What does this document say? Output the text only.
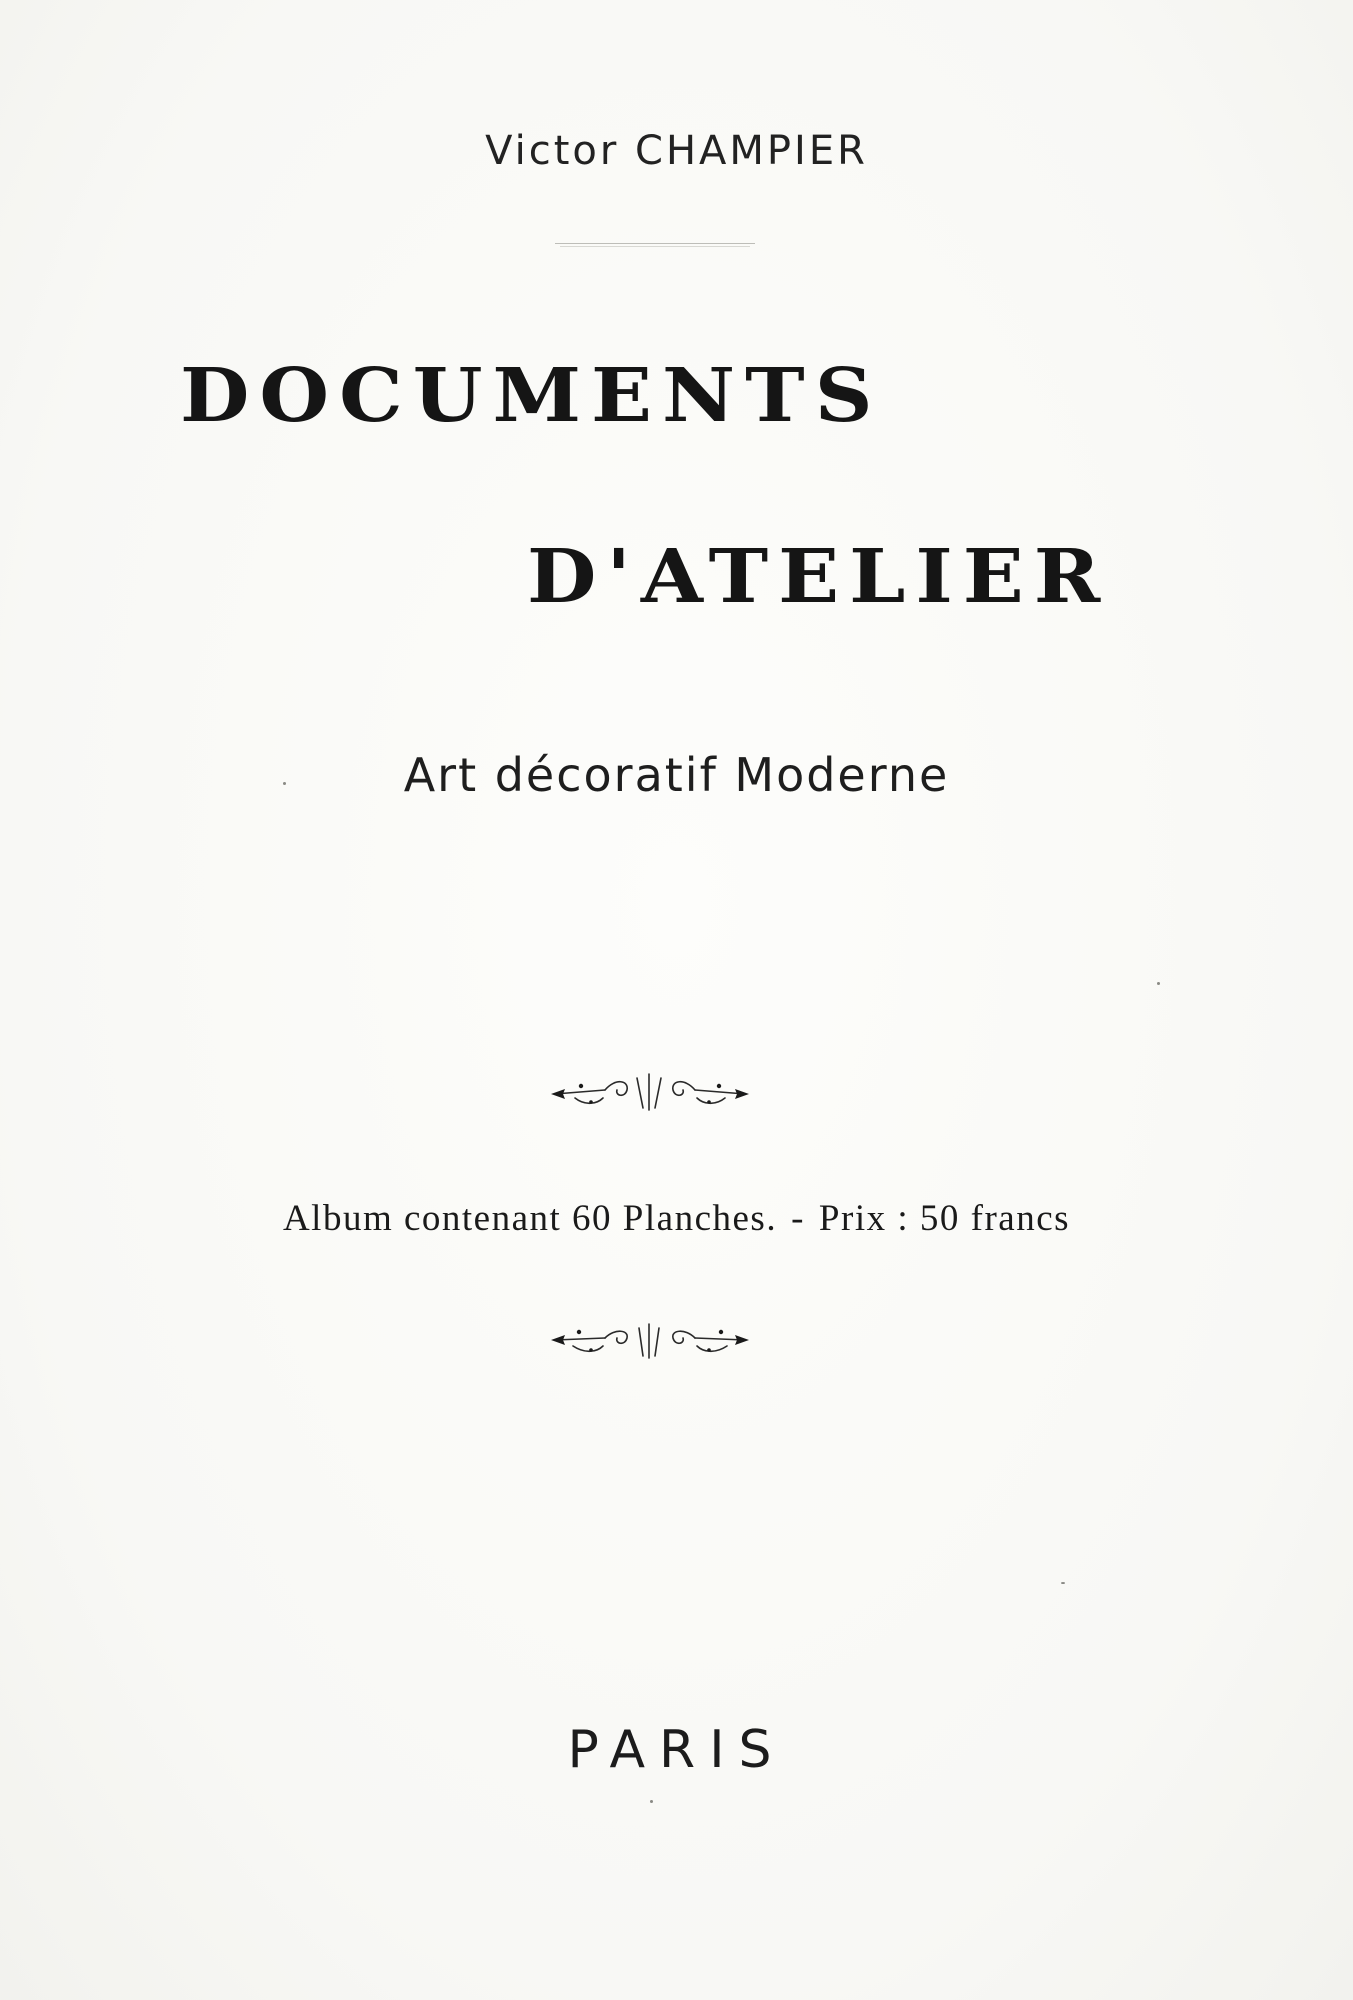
Victor CHAMPIER
DOCUMENTS
D'ATELIER
Art décoratif Moderne
Album contenant 60 Planches. - Prix : 50 francs
PARIS
